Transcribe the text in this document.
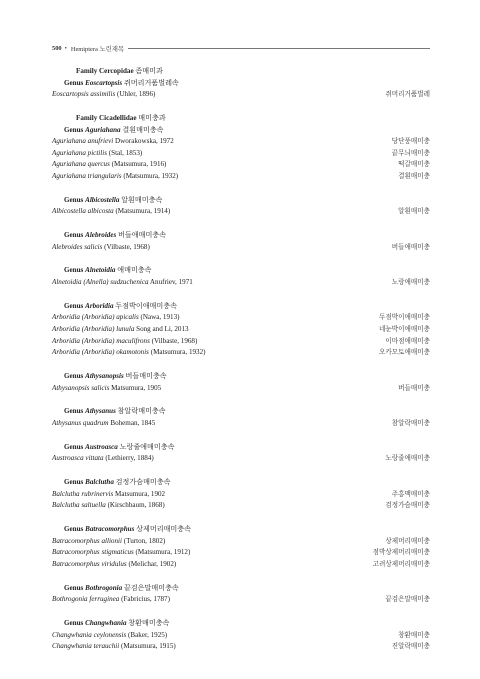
500 • Hemiptera 노린재목
Family Cercopidae 좀매미과
Genus Eoscartopsis 쥐머리거품벌레속
Eoscartopsis assimilis (Uhler, 1896)	쥐머리거품벌레
Family Cicadellidae 매미충과
Genus Aguriahana 결흰매미충속
Aguriahana anufrievi Dworakowska, 1972	당단풍매미충
Aguriahana pictilis (Stal, 1853)	끝무늬매미충
Aguriahana quercus (Matsumura, 1916)	떡갈매미충
Aguriahana triangularis (Matsumura, 1932)	결흰매미충
Genus Albicostella 알흰매미충속
Albicostella albicosta (Matsumura, 1914)	알흰매미충
Genus Alebroides 버들애매미충속
Alebroides salicis (Vilbaste, 1968)	버들애매미충
Genus Alnetoidia 애매미충속
Alnetoidia (Alnella) sudzuchenica Anufriev, 1971	노랑애매미충
Genus Arboridia 두점박이애매미충속
Arboridia (Arboridia) apicalis (Nawa, 1913)	두점박이애매미충
Arboridia (Arboridia) lunula Song and Li, 2013	네눈박이애매미충
Arboridia (Arboridia) maculifrons (Vilbaste, 1968)	이마점애매미충
Arboridia (Arboridia) okamotonis (Matsumura, 1932)	오카모토애매미충
Genus Athysanopsis 버들매미충속
Athysanopsis salicis Matsumura, 1905	버들매미충
Genus Athysanus 참알락매미충속
Athysanus quadrum Boheman, 1845	참알락매미충
Genus Austroasca 노랑줄애매미충속
Austroasca vittata (Lethierry, 1884)	노랑줄애매미충
Genus Balclutha 검정가슴매미충속
Balclutha rubrinervis Matsumura, 1902	주홍맥매미충
Balclutha saltuella (Kirschbaum, 1868)	검정가슴매미충
Genus Batracomorphus 상제머리매미충속
Batracomorphus allionii (Turton, 1802)	상제머리매미충
Batracomorphus stigmaticus (Matsumura, 1912)	점박상제머리매미충
Batracomorphus viridulus (Melichar, 1902)	고려상제머리매미충
Genus Bothrogonia 끝검은말매미충속
Bothrogonia ferruginea (Fabricius, 1787)	끝검은말매미충
Genus Changwhania 창환매미충속
Changwhania ceylonensis (Baker, 1925)	창환매미충
Changwhania terauchii (Matsumura, 1915)	진알락매미충
